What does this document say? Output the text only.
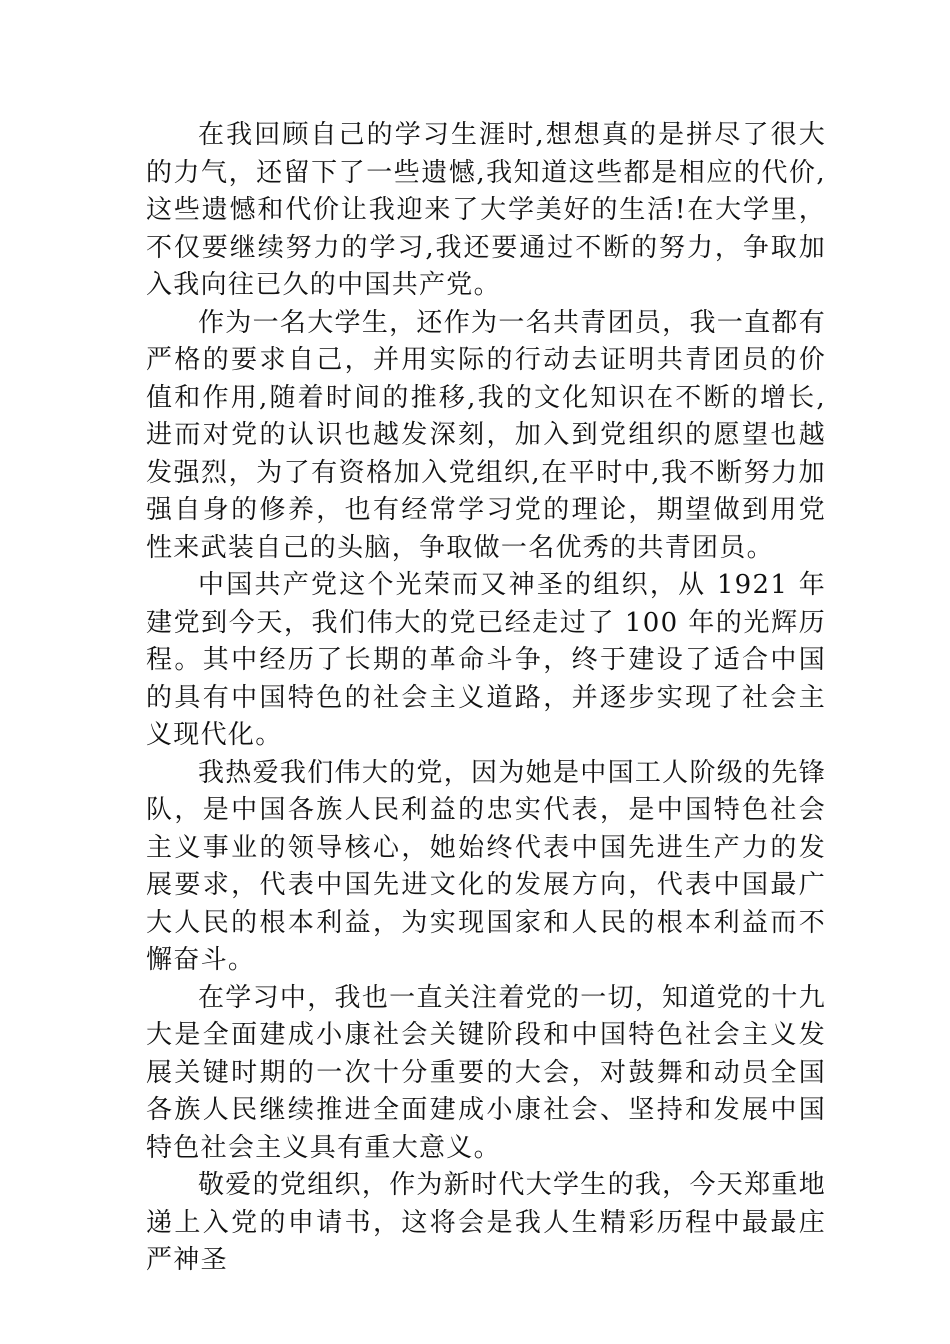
在我回顾自己的学习生涯时,想想真的是拼尽了很大的力气，还留下了一些遗憾,我知道这些都是相应的代价,这些遗憾和代价让我迎来了大学美好的生活!在大学里，不仅要继续努力的学习,我还要通过不断的努力，争取加入我向往已久的中国共产党。

作为一名大学生，还作为一名共青团员，我一直都有严格的要求自己，并用实际的行动去证明共青团员的价值和作用,随着时间的推移,我的文化知识在不断的增长,进而对党的认识也越发深刻，加入到党组织的愿望也越发强烈，为了有资格加入党组织,在平时中,我不断努力加强自身的修养，也有经常学习党的理论，期望做到用党性来武装自己的头脑，争取做一名优秀的共青团员。

中国共产党这个光荣而又神圣的组织，从 1921 年建党到今天，我们伟大的党已经走过了 100 年的光辉历程。其中经历了长期的革命斗争，终于建设了适合中国的具有中国特色的社会主义道路，并逐步实现了社会主义现代化。

我热爱我们伟大的党，因为她是中国工人阶级的先锋队，是中国各族人民利益的忠实代表，是中国特色社会主义事业的领导核心，她始终代表中国先进生产力的发展要求，代表中国先进文化的发展方向，代表中国最广大人民的根本利益，为实现国家和人民的根本利益而不懈奋斗。

在学习中，我也一直关注着党的一切，知道党的十九大是全面建成小康社会关键阶段和中国特色社会主义发展关键时期的一次十分重要的大会，对鼓舞和动员全国各族人民继续推进全面建成小康社会、坚持和发展中国特色社会主义具有重大意义。

敬爱的党组织，作为新时代大学生的我，今天郑重地递上入党的申请书，这将会是我人生精彩历程中最最庄严神圣
